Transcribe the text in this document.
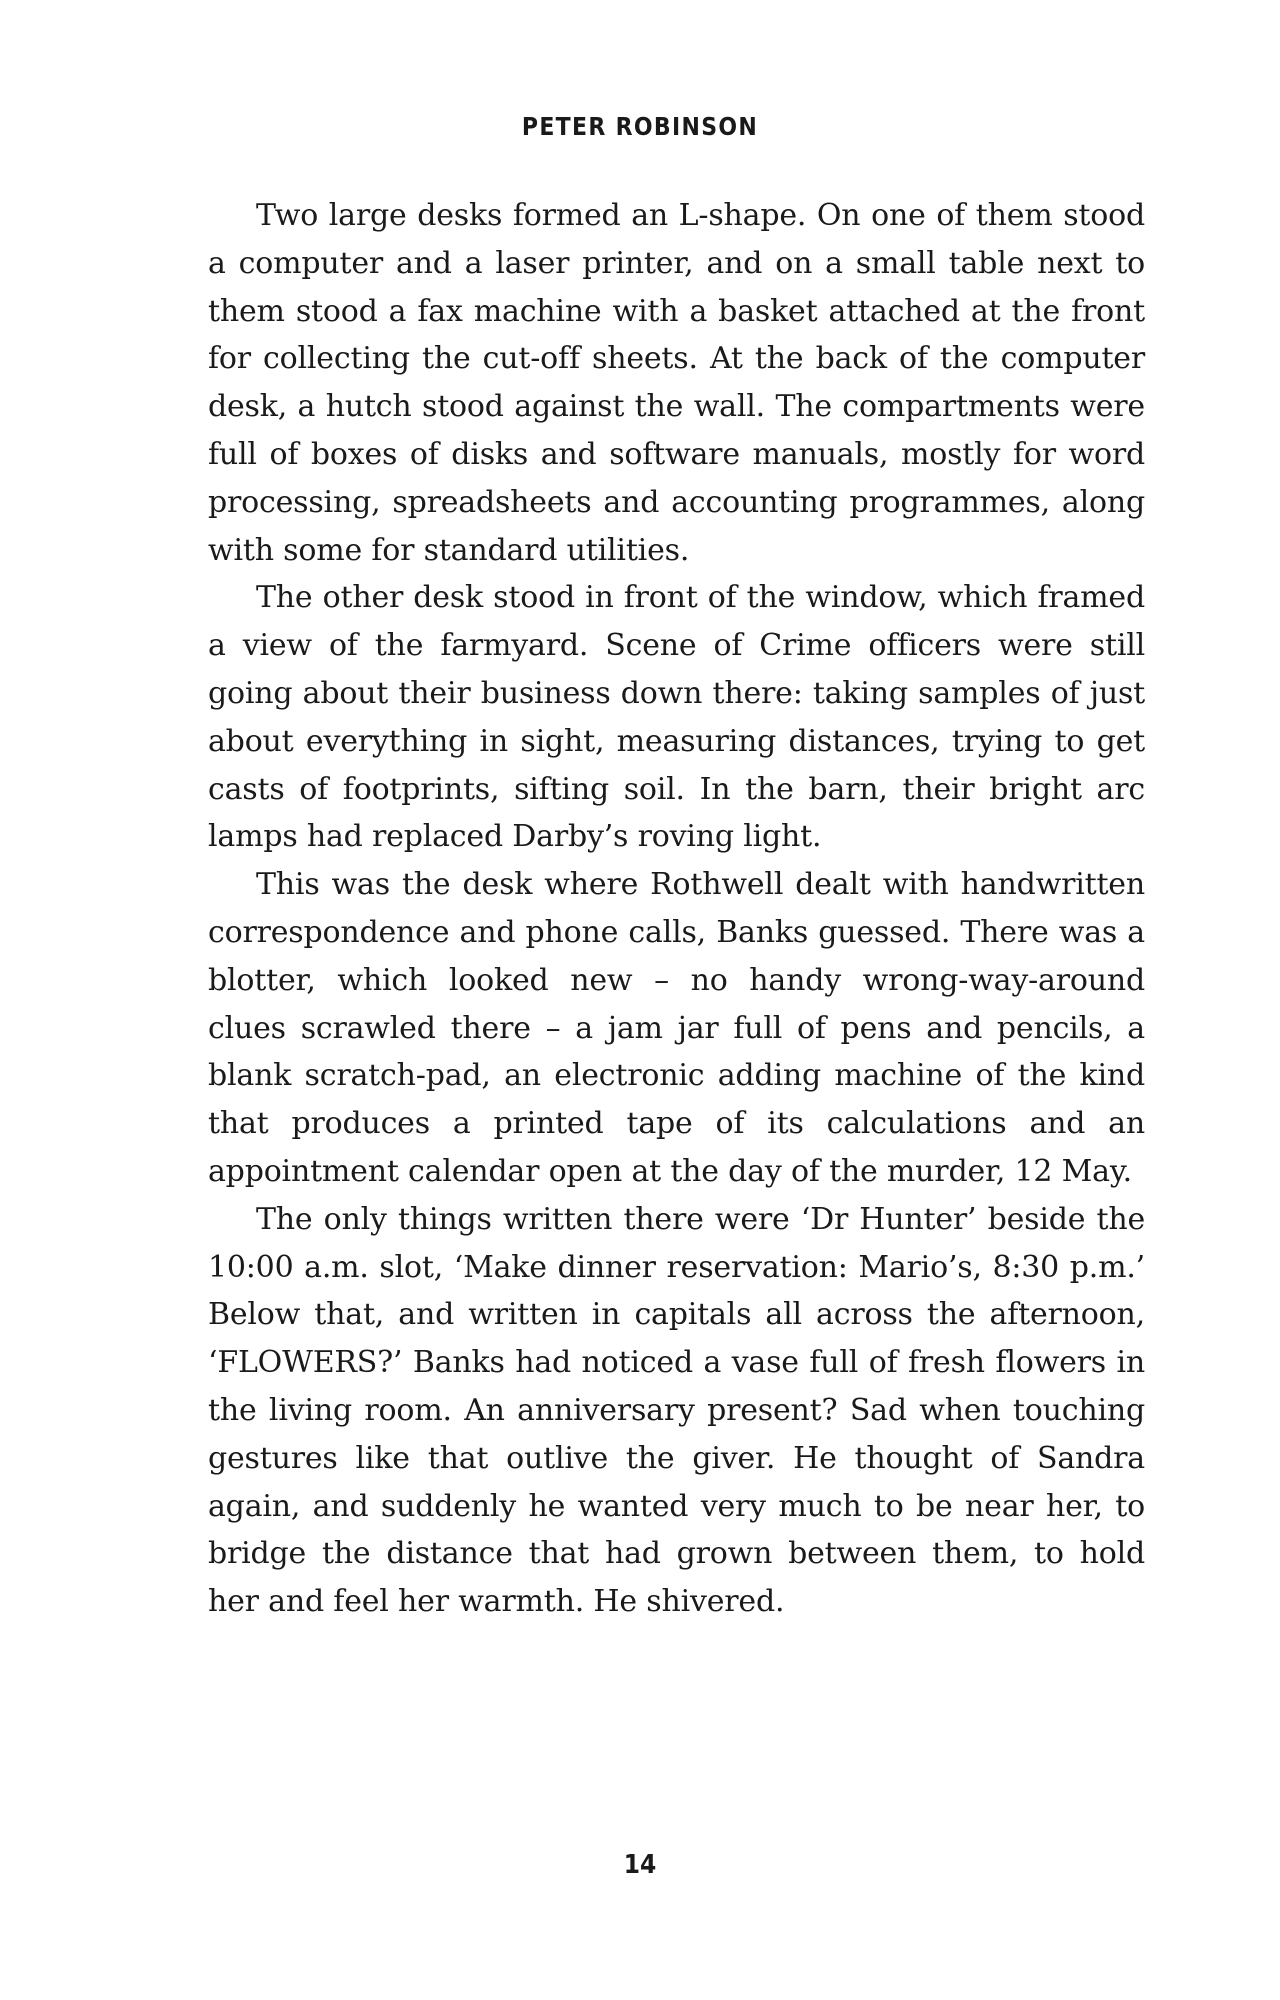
PETER ROBINSON

Two large desks formed an L-shape. On one of them stood a computer and a laser printer, and on a small table next to them stood a fax machine with a basket attached at the front for collecting the cut-off sheets. At the back of the computer desk, a hutch stood against the wall. The compartments were full of boxes of disks and software manuals, mostly for word processing, spreadsheets and accounting programmes, along with some for standard utilities.

The other desk stood in front of the window, which framed a view of the farmyard. Scene of Crime officers were still going about their business down there: taking samples of just about everything in sight, measuring distances, trying to get casts of footprints, sifting soil. In the barn, their bright arc lamps had replaced Darby’s roving light.

This was the desk where Rothwell dealt with handwritten correspondence and phone calls, Banks guessed. There was a blotter, which looked new – no handy wrong-way-around clues scrawled there – a jam jar full of pens and pencils, a blank scratch-pad, an electronic adding machine of the kind that produces a printed tape of its calculations and an appointment calendar open at the day of the murder, 12 May.

The only things written there were ‘Dr Hunter’ beside the 10:00 a.m. slot, ‘Make dinner reservation: Mario’s, 8:30 p.m.’ Below that, and written in capitals all across the afternoon, ‘FLOWERS?’ Banks had noticed a vase full of fresh flowers in the living room. An anniversary present? Sad when touching gestures like that outlive the giver. He thought of Sandra again, and suddenly he wanted very much to be near her, to bridge the distance that had grown between them, to hold her and feel her warmth. He shivered.

14
